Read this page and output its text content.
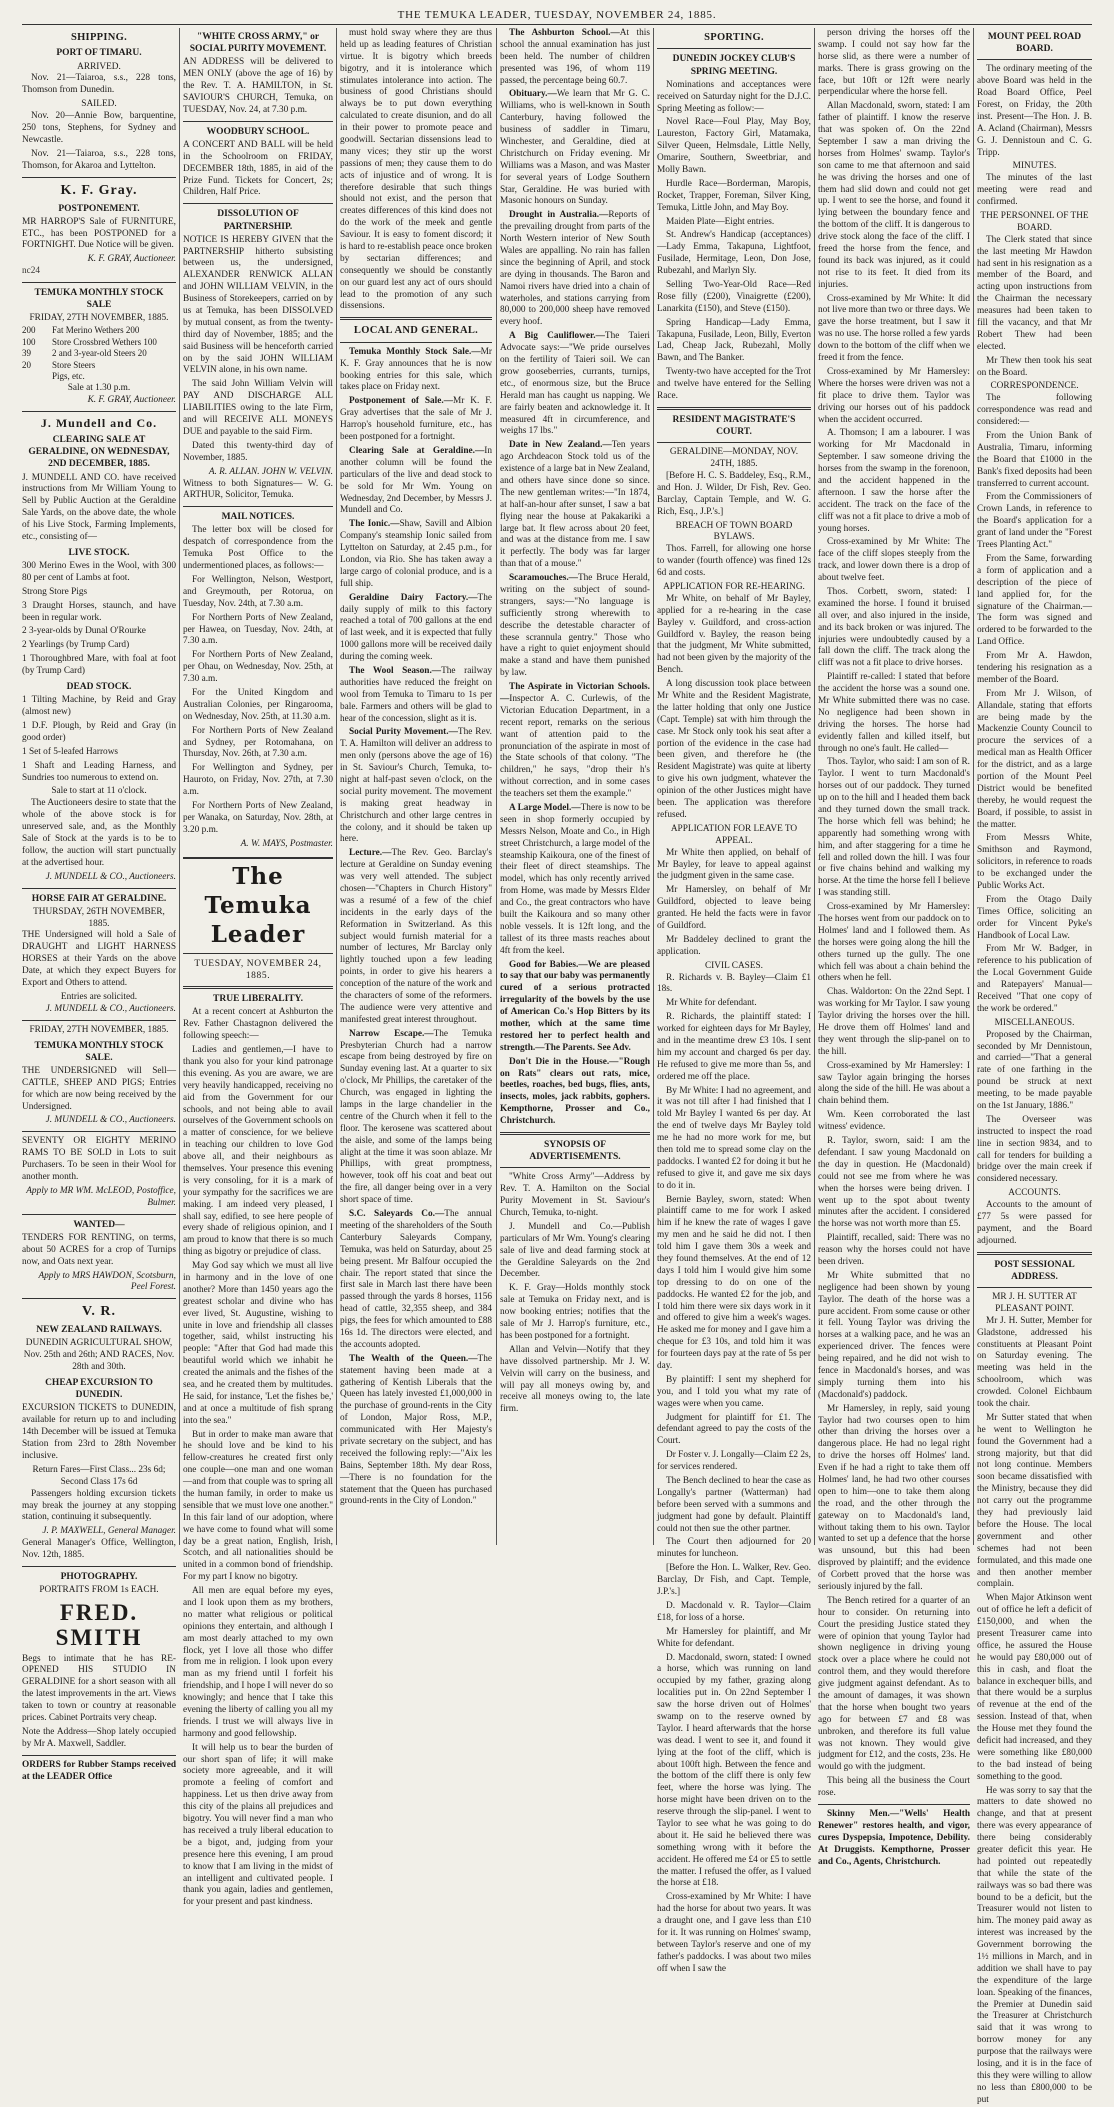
THE TEMUKA LEADER, TUESDAY, NOVEMBER 24, 1885.
SHIPPING.
PORT OF TIMARU.
ARRIVED.

Nov. 21—Taiaroa, s.s., 228 tons, Thomson from Dunedin.

SAILED.

Nov. 20—Annie Bow, barquentine, 250 tons, Stephens, for Sydney and Newcastle.

Nov. 21—Taiaroa, s.s., 228 tons, Thomson, for Akaroa and Lyttelton.

K. F. Gray.
POSTPONEMENT.
MR HARROP'S Sale of FURNITURE, ETC., has been POSTPONED for a FORTNIGHT. Due Notice will be given.
K. F. GRAY, Auctioneer.
nc24
TEMUKA MONTHLY STOCK SALE
FRIDAY, 27TH NOVEMBER, 1885.
200	Fat Merino Wethers 200
100	Store Crossbred Wethers 100
39	2 and 3-year-old Steers 20
20	Store Steers
Pigs, etc.
Sale at 1.30 p.m.
K. F. GRAY, Auctioneer.
J. Mundell and Co.
CLEARING SALE AT GERALDINE, ON WEDNESDAY, 2ND DECEMBER, 1885.
J. MUNDELL AND CO. have received instructions from Mr William Young to Sell by Public Auction at the Geraldine Sale Yards, on the above date, the whole of his Live Stock, Farming Implements, etc., consisting of—
LIVE STOCK.
300 Merino Ewes in the Wool, with 300 80 per cent of Lambs at foot.
Strong Store Pigs
3 Draught Horses, staunch, and have been in regular work.
2 3-year-olds by Dunal O'Rourke
2 Yearlings (by Trump Card)
1 Thoroughbred Mare, with foal at foot (by Trump Card)
DEAD STOCK.
1 Tilting Machine, by Reid and Gray (almost new)
1 D.F. Plough, by Reid and Gray (in good order)
1 Set of 5-leafed Harrows
1 Shaft and Leading Harness, and Sundries too numerous to extend on.
Sale to start at 11 o'clock.

The Auctioneers desire to state that the whole of the above stock is for unreserved sale, and, as the Monthly Sale of Stock at the yards is to be to follow, the auction will start punctually at the advertised hour.

J. MUNDELL & CO., Auctioneers.
HORSE FAIR AT GERALDINE.
THURSDAY, 26TH NOVEMBER, 1885.
THE Undersigned will hold a Sale of DRAUGHT and LIGHT HARNESS HORSES at their Yards on the above Date, at which they expect Buyers for Export and Others to attend.
Entries are solicited.
J. MUNDELL & CO., Auctioneers.
FRIDAY, 27TH NOVEMBER, 1885.
TEMUKA MONTHLY STOCK SALE.
THE UNDERSIGNED will Sell—CATTLE, SHEEP AND PIGS; Entries for which are now being received by the Undersigned.
J. MUNDELL & CO., Auctioneers.
SEVENTY OR EIGHTY MERINO RAMS TO BE SOLD in Lots to suit Purchasers. To be seen in their Wool for another month.
Apply to MR WM. McLEOD, Postoffice, Bulmer.
WANTED—
TENDERS FOR RENTING, on terms, about 50 ACRES for a crop of Turnips now, and Oats next year.
Apply to MRS HAWDON, Scotsburn, Peel Forest.
V. R.
NEW ZEALAND RAILWAYS.
DUNEDIN AGRICULTURAL SHOW, Nov. 25th and 26th; AND RACES, Nov. 28th and 30th.
CHEAP EXCURSION TO DUNEDIN.
EXCURSION TICKETS to DUNEDIN, available for return up to and including 14th December will be issued at Temuka Station from 23rd to 28th November inclusive.
Return Fares—First Class... 23s 6d; Second Class 17s 6d

Passengers holding excursion tickets may break the journey at any stopping station, continuing it subsequently.

J. P. MAXWELL, General Manager.
General Manager's Office, Wellington, Nov. 12th, 1885.
PHOTOGRAPHY.
PORTRAITS FROM 1s EACH.
FRED. SMITH
Begs to intimate that he has RE-OPENED HIS STUDIO IN GERALDINE for a short season with all the latest improvements in the art. Views taken to town or country at reasonable prices. Cabinet Portraits very cheap.
Note the Address—Shop lately occupied by Mr A. Maxwell, Saddler.
ORDERS for Rubber Stamps received at the LEADER Office
"WHITE CROSS ARMY," or SOCIAL PURITY MOVEMENT.
AN ADDRESS will be delivered to MEN ONLY (above the age of 16) by the Rev. T. A. HAMILTON, in St. SAVIOUR'S CHURCH, Temuka, on TUESDAY, Nov. 24, at 7.30 p.m.
WOODBURY SCHOOL.
A CONCERT AND BALL will be held in the Schoolroom on FRIDAY, DECEMBER 18th, 1885, in aid of the Prize Fund. Tickets for Concert, 2s; Children, Half Price.
DISSOLUTION OF PARTNERSHIP.
NOTICE IS HEREBY GIVEN that the PARTNERSHIP hitherto subsisting between us, the undersigned, ALEXANDER RENWICK ALLAN and JOHN WILLIAM VELVIN, in the Business of Storekeepers, carried on by us at Temuka, has been DISSOLVED by mutual consent, as from the twenty-third day of November, 1885; and the said Business will be henceforth carried on by the said JOHN WILLIAM VELVIN alone, in his own name.

The said John William Velvin will PAY AND DISCHARGE ALL LIABILITIES owing to the late Firm, and will RECEIVE ALL MONEYS DUE and payable to the said Firm.

Dated this twenty-third day of November, 1885.

A. R. ALLAN. JOHN W. VELVIN.
Witness to both Signatures— W. G. ARTHUR, Solicitor, Temuka.
MAIL NOTICES.

The letter box will be closed for despatch of correspondence from the Temuka Post Office to the undermentioned places, as follows:—

For Wellington, Nelson, Westport, and Greymouth, per Rotorua, on Tuesday, Nov. 24th, at 7.30 a.m.

For Northern Ports of New Zealand, per Hawea, on Tuesday, Nov. 24th, at 7.30 a.m.

For Northern Ports of New Zealand, per Ohau, on Wednesday, Nov. 25th, at 7.30 a.m.

For the United Kingdom and Australian Colonies, per Ringarooma, on Wednesday, Nov. 25th, at 11.30 a.m.

For Northern Ports of New Zealand and Sydney, per Rotomahana, on Thursday, Nov. 26th, at 7.30 a.m.

For Wellington and Sydney, per Hauroto, on Friday, Nov. 27th, at 7.30 a.m.

For Northern Ports of New Zealand, per Wanaka, on Saturday, Nov. 28th, at 3.20 p.m.

A. W. MAYS, Postmaster.
The Temuka Leader
TUESDAY, NOVEMBER 24, 1885.
TRUE LIBERALITY.

At a recent concert at Ashburton the Rev. Father Chastagnon delivered the following speech:—

Ladies and gentlemen,—I have to thank you also for your kind patronage this evening. As you are aware, we are very heavily handicapped, receiving no aid from the Government for our schools, and not being able to avail ourselves of the Government schools on a matter of conscience, for we believe in teaching our children to love God above all, and their neighbours as themselves. Your presence this evening is very consoling, for it is a mark of your sympathy for the sacrifices we are making. I am indeed very pleased, I shall say, edified, to see here people of every shade of religious opinion, and I am proud to know that there is so much thing as bigotry or prejudice of class.

May God say which we must all live in harmony and in the love of one another? More than 1450 years ago the greatest scholar and divine who has ever lived, St. Augustine, wishing to unite in love and friendship all classes together, said, whilst instructing his people: "After that God had made this beautiful world which we inhabit he created the animals and the fishes of the sea, and he created them by multitudes. He said, for instance, 'Let the fishes be,' and at once a multitude of fish sprang into the sea."

But in order to make man aware that he should love and be kind to his fellow-creatures he created first only one couple—one man and one woman—and from that couple was to spring all the human family, in order to make us sensible that we must love one another." In this fair land of our adoption, where we have come to found what will some day be a great nation, English, Irish, Scotch, and all nationalities should be united in a common bond of friendship. For my part I know no bigotry.

All men are equal before my eyes, and I look upon them as my brothers, no matter what religious or political opinions they entertain, and although I am most dearly attached to my own flock, yet I love all those who differ from me in religion. I look upon every man as my friend until I forfeit his friendship, and I hope I will never do so knowingly; and hence that I take this evening the liberty of calling you all my friends. I trust we will always live in harmony and good fellowship.

It will help us to bear the burden of our short span of life; it will make society more agreeable, and it will promote a feeling of comfort and happiness. Let us then drive away from this city of the plains all prejudices and bigotry. You will never find a man who has received a truly liberal education to be a bigot, and, judging from your presence here this evening, I am proud to know that I am living in the midst of an intelligent and cultivated people. I thank you again, ladies and gentlemen, for your present and past kindness.

must hold sway where they are thus held up as leading features of Christian virtue. It is bigotry which breeds bigotry, and it is intolerance which stimulates intolerance into action. The business of good Christians should always be to put down everything calculated to create disunion, and do all in their power to promote peace and goodwill. Sectarian dissensions lead to many vices; they stir up the worst passions of men; they cause them to do acts of injustice and of wrong. It is therefore desirable that such things should not exist, and the person that creates differences of this kind does not do the work of the meek and gentle Saviour. It is easy to foment discord; it is hard to re-establish peace once broken by sectarian differences; and consequently we should be constantly on our guard lest any act of ours should lead to the promotion of any such dissensions.

LOCAL AND GENERAL.

Temuka Monthly Stock Sale.—Mr K. F. Gray announces that he is now booking entries for this sale, which takes place on Friday next.

Postponement of Sale.—Mr K. F. Gray advertises that the sale of Mr J. Harrop's household furniture, etc., has been postponed for a fortnight.

Clearing Sale at Geraldine.—In another column will be found the particulars of the live and dead stock to be sold for Mr Wm. Young on Wednesday, 2nd December, by Messrs J. Mundell and Co.

The Ionic.—Shaw, Savill and Albion Company's steamship Ionic sailed from Lyttelton on Saturday, at 2.45 p.m., for London, via Rio. She has taken away a large cargo of colonial produce, and is a full ship.

Geraldine Dairy Factory.—The daily supply of milk to this factory reached a total of 700 gallons at the end of last week, and it is expected that fully 1000 gallons more will be received daily during the coming week.

The Wool Season.—The railway authorities have reduced the freight on wool from Temuka to Timaru to 1s per bale. Farmers and others will be glad to hear of the concession, slight as it is.

Social Purity Movement.—The Rev. T. A. Hamilton will deliver an address to men only (persons above the age of 16) in St. Saviour's Church, Temuka, to-night at half-past seven o'clock, on the social purity movement. The movement is making great headway in Christchurch and other large centres in the colony, and it should be taken up here.

Lecture.—The Rev. Geo. Barclay's lecture at Geraldine on Sunday evening was very well attended. The subject chosen—"Chapters in Church History" was a resumé of a few of the chief incidents in the early days of the Reformation in Switzerland. As this subject would furnish material for a number of lectures, Mr Barclay only lightly touched upon a few leading points, in order to give his hearers a conception of the nature of the work and the characters of some of the reformers. The audience were very attentive and manifested great interest throughout.

Narrow Escape.—The Temuka Presbyterian Church had a narrow escape from being destroyed by fire on Sunday evening last. At a quarter to six o'clock, Mr Phillips, the caretaker of the Church, was engaged in lighting the lamps in the large chandelier in the centre of the Church when it fell to the floor. The kerosene was scattered about the aisle, and some of the lamps being alight at the time it was soon ablaze. Mr Phillips, with great promptness, however, took off his coat and beat out the fire, all danger being over in a very short space of time.

S.C. Saleyards Co.—The annual meeting of the shareholders of the South Canterbury Saleyards Company, Temuka, was held on Saturday, about 25 being present. Mr Balfour occupied the chair. The report stated that since the first sale in March last there have been passed through the yards 8 horses, 1156 head of cattle, 32,355 sheep, and 384 pigs, the fees for which amounted to £88 16s 1d. The directors were elected, and the accounts adopted.

The Wealth of the Queen.—The statement having been made at a gathering of Kentish Liberals that the Queen has lately invested £1,000,000 in the purchase of ground-rents in the City of London, Major Ross, M.P., communicated with Her Majesty's private secretary on the subject, and has received the following reply:—"Aix les Bains, September 18th. My dear Ross,—There is no foundation for the statement that the Queen has purchased ground-rents in the City of London."

The Ashburton School.—At this school the annual examination has just been held. The number of children presented was 196, of whom 119 passed, the percentage being 60.7.

Obituary.—We learn that Mr G. C. Williams, who is well-known in South Canterbury, having followed the business of saddler in Timaru, Winchester, and Geraldine, died at Christchurch on Friday evening. Mr Williams was a Mason, and was Master for several years of Lodge Southern Star, Geraldine. He was buried with Masonic honours on Sunday.

Drought in Australia.—Reports of the prevailing drought from parts of the North Western interior of New South Wales are appalling. No rain has fallen since the beginning of April, and stock are dying in thousands. The Baron and Namoi rivers have dried into a chain of waterholes, and stations carrying from 80,000 to 200,000 sheep have removed every hoof.

A Big Cauliflower.—The Taieri Advocate says:—"We pride ourselves on the fertility of Taieri soil. We can grow gooseberries, currants, turnips, etc., of enormous size, but the Bruce Herald man has caught us napping. We are fairly beaten and acknowledge it. It measured 4ft in circumference, and weighs 17 lbs."

Date in New Zealand.—Ten years ago Archdeacon Stock told us of the existence of a large bat in New Zealand, and others have since done so since. The new gentleman writes:—"In 1874, at half-an-hour after sunset, I saw a bat flying near the house at Pakakariki a large bat. It flew across about 20 feet, and was at the distance from me. I saw it perfectly. The body was far larger than that of a mouse."

Scaramouches.—The Bruce Herald, writing on the subject of sound-strangers, says:—"No language is sufficiently strong wherewith to describe the detestable character of these scrannula gentry." Those who have a right to quiet enjoyment should make a stand and have them punished by law.

The Aspirate in Victorian Schools.—Inspector A. C. Curlewis, of the Victorian Education Department, in a recent report, remarks on the serious want of attention paid to the pronunciation of the aspirate in most of the State schools of that colony. "The children," he says, "drop their h's without correction, and in some cases the teachers set them the example."

A Large Model.—There is now to be seen in shop formerly occupied by Messrs Nelson, Moate and Co., in High street Christchurch, a large model of the steamship Kaikoura, one of the finest of their fleet of direct steamships. The model, which has only recently arrived from Home, was made by Messrs Elder and Co., the great contractors who have built the Kaikoura and so many other noble vessels. It is 12ft long, and the tallest of its three masts reaches about 4ft from the keel.

Good for Babies.—We are pleased to say that our baby was permanently cured of a serious protracted irregularity of the bowels by the use of American Co.'s Hop Bitters by its mother, which at the same time restored her to perfect health and strength.—The Parents. See Adv.

Don't Die in the House.—"Rough on Rats" clears out rats, mice, beetles, roaches, bed bugs, flies, ants, insects, moles, jack rabbits, gophers. Kempthorne, Prosser and Co., Christchurch.

SYNOPSIS OF ADVERTISEMENTS.

"White Cross Army"—Address by Rev. T. A. Hamilton on the Social Purity Movement in St. Saviour's Church, Temuka, to-night.

J. Mundell and Co.—Publish particulars of Mr Wm. Young's clearing sale of live and dead farming stock at the Geraldine Saleyards on the 2nd December.

K. F. Gray—Holds monthly stock sale at Temuka on Friday next, and is now booking entries; notifies that the sale of Mr J. Harrop's furniture, etc., has been postponed for a fortnight.

Allan and Velvin—Notify that they have dissolved partnership. Mr J. W. Velvin will carry on the business, and will pay all moneys owing by, and receive all moneys owing to, the late firm.

SPORTING.
DUNEDIN JOCKEY CLUB'S SPRING MEETING.

Nominations and acceptances were received on Saturday night for the D.J.C. Spring Meeting as follow:—

Novel Race—Foul Play, May Boy, Laureston, Factory Girl, Matamaka, Silver Queen, Helmsdale, Little Nelly, Omarire, Southern, Sweetbriar, and Molly Bawn.

Hurdle Race—Borderman, Maropis, Rocket, Trapper, Foreman, Silver King, Temuka, Little John, and May Boy.

Maiden Plate—Eight entries.

St. Andrew's Handicap (acceptances)—Lady Emma, Takapuna, Lightfoot, Fusilade, Hermitage, Leon, Don Jose, Rubezahl, and Marlyn Sly.

Selling Two-Year-Old Race—Red Rose filly (£200), Vinaigrette (£200), Lanarkita (£150), and Steve (£150).

Spring Handicap—Lady Emma, Takapuna, Fusilade, Leon, Billy, Everton Lad, Cheap Jack, Rubezahl, Molly Bawn, and The Banker.

Twenty-two have accepted for the Trot and twelve have entered for the Selling Race.

RESIDENT MAGISTRATE'S COURT.
GERALDINE—MONDAY, NOV. 24TH, 1885.

[Before H. C. S. Baddeley, Esq., R.M., and Hon. J. Wilder, Dr Fish, Rev. Geo. Barclay, Captain Temple, and W. G. Rich, Esq., J.P.'s.]

BREACH OF TOWN BOARD BYLAWS.

Thos. Farrell, for allowing one horse to wander (fourth offence) was fined 12s 6d and costs.

APPLICATION FOR RE-HEARING.

Mr White, on behalf of Mr Bayley, applied for a re-hearing in the case Bayley v. Guildford, and cross-action Guildford v. Bayley, the reason being that the judgment, Mr White submitted, had not been given by the majority of the Bench.

A long discussion took place between Mr White and the Resident Magistrate, the latter holding that only one Justice (Capt. Temple) sat with him through the case. Mr Stock only took his seat after a portion of the evidence in the case had been given, and therefore he (the Resident Magistrate) was quite at liberty to give his own judgment, whatever the opinion of the other Justices might have been. The application was therefore refused.

APPLICATION FOR LEAVE TO APPEAL.

Mr White then applied, on behalf of Mr Bayley, for leave to appeal against the judgment given in the same case.

Mr Hamersley, on behalf of Mr Guildford, objected to leave being granted. He held the facts were in favor of Guildford.

Mr Baddeley declined to grant the application.

CIVIL CASES.

R. Richards v. B. Bayley—Claim £1 18s.

Mr White for defendant.

R. Richards, the plaintiff stated: I worked for eighteen days for Mr Bayley, and in the meantime drew £3 10s. I sent him my account and charged 6s per day. He refused to give me more than 5s, and ordered me off the place.

By Mr White: I had no agreement, and it was not till after I had finished that I told Mr Bayley I wanted 6s per day. At the end of twelve days Mr Bayley told me he had no more work for me, but then told me to spread some clay on the paddocks. I wanted £2 for doing it but he refused to give it, and gave me six days to do it in.

Bernie Bayley, sworn, stated: When plaintiff came to me for work I asked him if he knew the rate of wages I gave my men and he said he did not. I then told him I gave them 30s a week and they found themselves. At the end of 12 days I told him I would give him some top dressing to do on one of the paddocks. He wanted £2 for the job, and I told him there were six days work in it and offered to give him a week's wages. He asked me for money and I gave him a cheque for £3 10s, and told him it was for fourteen days pay at the rate of 5s per day.

By plaintiff: I sent my shepherd for you, and I told you what my rate of wages were when you came.

Judgment for plaintiff for £1. The defendant agreed to pay the costs of the Court.

Dr Foster v. J. Longally—Claim £2 2s, for services rendered.

The Bench declined to hear the case as Longally's partner (Watterman) had before been served with a summons and judgment had gone by default. Plaintiff could not then sue the other partner.

The Court then adjourned for 20 minutes for luncheon.

[Before the Hon. L. Walker, Rev. Geo. Barclay, Dr Fish, and Capt. Temple, J.P.'s.]

D. Macdonald v. R. Taylor—Claim £18, for loss of a horse.

Mr Hamersley for plaintiff, and Mr White for defendant.

D. Macdonald, sworn, stated: I owned a horse, which was running on land occupied by my father, grazing along localities put in. On 22nd September I saw the horse driven out of Holmes' swamp on to the reserve owned by Taylor. I heard afterwards that the horse was dead. I went to see it, and found it lying at the foot of the cliff, which is about 100ft high. Between the fence and the bottom of the cliff there is only few feet, where the horse was lying. The horse might have been driven on to the reserve through the slip-panel. I went to Taylor to see what he was going to do about it. He said he believed there was something wrong with it before the accident. He offered me £4 or £5 to settle the matter. I refused the offer, as I valued the horse at £18.

Cross-examined by Mr White: I have had the horse for about two years. It was a draught one, and I gave less than £10 for it. It was running on Holmes' swamp, between Taylor's reserve and one of my father's paddocks. I was about two miles off when I saw the

person driving the horses off the swamp. I could not say how far the horse slid, as there were a number of marks. There is grass growing on the face, but 10ft or 12ft were nearly perpendicular where the horse fell.

Allan Macdonald, sworn, stated: I am father of plaintiff. I know the reserve that was spoken of. On the 22nd September I saw a man driving the horses from Holmes' swamp. Taylor's son came to me that afternoon and said he was driving the horses and one of them had slid down and could not get up. I went to see the horse, and found it lying between the boundary fence and the bottom of the cliff. It is dangerous to drive stock along the face of the cliff. I freed the horse from the fence, and found its back was injured, as it could not rise to its feet. It died from its injuries.

Cross-examined by Mr White: It did not live more than two or three days. We gave the horse treatment, but I saw it was no use. The horse rolled a few yards down to the bottom of the cliff when we freed it from the fence.

Cross-examined by Mr Hamersley: Where the horses were driven was not a fit place to drive them. Taylor was driving our horses out of his paddock when the accident occurred.

A. Thomson; I am a labourer. I was working for Mr Macdonald in September. I saw someone driving the horses from the swamp in the forenoon, and the accident happened in the afternoon. I saw the horse after the accident. The track on the face of the cliff was not a fit place to drive a mob of young horses.

Cross-examined by Mr White: The face of the cliff slopes steeply from the track, and lower down there is a drop of about twelve feet.

Thos. Corbett, sworn, stated: I examined the horse. I found it bruised all over, and also injured in the inside, and its back broken or was injured. The injuries were undoubtedly caused by a fall down the cliff. The track along the cliff was not a fit place to drive horses.

Plaintiff re-called: I stated that before the accident the horse was a sound one. Mr White submitted there was no case. No negligence had been shown in driving the horses. The horse had evidently fallen and killed itself, but through no one's fault. He called—

Thos. Taylor, who said: I am son of R. Taylor. I went to turn Macdonald's horses out of our paddock. They turned up on to the hill and I headed them back and they turned down the small track. The horse which fell was behind; he apparently had something wrong with him, and after staggering for a time he fell and rolled down the hill. I was four or five chains behind and walking my horse. At the time the horse fell I believe I was standing still.

Cross-examined by Mr Hamersley: The horses went from our paddock on to Holmes' land and I followed them. As the horses were going along the hill the others turned up the gully. The one which fell was about a chain behind the others when he fell.

Chas. Waldorton: On the 22nd Sept. I was working for Mr Taylor. I saw young Taylor driving the horses over the hill. He drove them off Holmes' land and they went through the slip-panel on to the hill.

Cross-examined by Mr Hamersley: I saw Taylor again bringing the horses along the side of the hill. He was about a chain behind them.

Wm. Keen corroborated the last witness' evidence.

R. Taylor, sworn, said: I am the defendant. I saw young Macdonald on the day in question. He (Macdonald) could not see me from where he was when the horses were being driven. I went up to the spot about twenty minutes after the accident. I considered the horse was not worth more than £5.

Plaintiff, recalled, said: There was no reason why the horses could not have been driven.

Mr White submitted that no negligence had been shown by young Taylor. The death of the horse was a pure accident. From some cause or other it fell. Young Taylor was driving the horses at a walking pace, and he was an experienced driver. The fences were being repaired, and he did not wish to fence in Macdonald's horses, and was simply turning them into his (Macdonald's) paddock.

Mr Hamersley, in reply, said young Taylor had two courses open to him other than driving the horses over a dangerous place. He had no legal right to drive the horses off Holmes' land. Even if he had a right to take them off Holmes' land, he had two other courses open to him—one to take them along the road, and the other through the gateway on to Macdonald's land, without taking them to his own. Taylor wanted to set up a defence that the horse was unsound, but this had been disproved by plaintiff; and the evidence of Corbett proved that the horse was seriously injured by the fall.

The Bench retired for a quarter of an hour to consider. On returning into Court the presiding Justice stated they were of opinion that young Taylor had shown negligence in driving young stock over a place where he could not control them, and they would therefore give judgment against defendant. As to the amount of damages, it was shown that the horse when bought two years ago for between £7 and £8 was unbroken, and therefore its full value was not known. They would give judgment for £12, and the costs, 23s. He would go with the judgment.

This being all the business the Court rose.

Skinny Men.—"Wells' Health Renewer" restores health, and vigor, cures Dyspepsia, Impotence, Debility. At Druggists. Kempthorne, Prosser and Co., Agents, Christchurch.

MOUNT PEEL ROAD BOARD.

The ordinary meeting of the above Board was held in the Road Board Office, Peel Forest, on Friday, the 20th inst. Present—The Hon. J. B. A. Acland (Chairman), Messrs G. J. Dennistoun and C. G. Tripp.

MINUTES.

The minutes of the last meeting were read and confirmed.

THE PERSONNEL OF THE BOARD.

The Clerk stated that since the last meeting Mr Hawdon had sent in his resignation as a member of the Board, and acting upon instructions from the Chairman the necessary measures had been taken to fill the vacancy, and that Mr Robert Thew had been elected.

Mr Thew then took his seat on the Board.

CORRESPONDENCE.

The following correspondence was read and considered:—

From the Union Bank of Australia, Timaru, informing the Board that £1000 in the Bank's fixed deposits had been transferred to current account.

From the Commissioners of Crown Lands, in reference to the Board's application for a grant of land under the "Forest Trees Planting Act."

From the Same, forwarding a form of application and a description of the piece of land applied for, for the signature of the Chairman.—The form was signed and ordered to be forwarded to the Land Office.

From Mr A. Hawdon, tendering his resignation as a member of the Board.

From Mr J. Wilson, of Allandale, stating that efforts are being made by the Mackenzie County Council to procure the services of a medical man as Health Officer for the district, and as a large portion of the Mount Peel District would be benefited thereby, he would request the Board, if possible, to assist in the matter.

From Messrs White, Smithson and Raymond, solicitors, in reference to roads to be exchanged under the Public Works Act.

From the Otago Daily Times Office, soliciting an order for Vincent Pyke's Handbook of Local Law.

From Mr W. Badger, in reference to his publication of the Local Government Guide and Ratepayers' Manual—Received "That one copy of the work be ordered."

MISCELLANEOUS.

Proposed by the Chairman, seconded by Mr Dennistoun, and carried—"That a general rate of one farthing in the pound be struck at next meeting, to be made payable on the 1st January, 1886."

The Overseer was instructed to inspect the road line in section 9834, and to call for tenders for building a bridge over the main creek if considered necessary.

ACCOUNTS.

Accounts to the amount of £77 5s were passed for payment, and the Board adjourned.

POST SESSIONAL ADDRESS.
MR J. H. SUTTER AT PLEASANT POINT.

Mr J. H. Sutter, Member for Gladstone, addressed his constituents at Pleasant Point on Saturday evening. The meeting was held in the schoolroom, which was crowded. Colonel Eichbaum took the chair.

Mr Sutter stated that when he went to Wellington he found the Government had a strong majority, but that did not long continue. Members soon became dissatisfied with the Ministry, because they did not carry out the programme they had previously laid before the House. The local government and other schemes had not been formulated, and this made one and then another member complain.

When Major Atkinson went out of office he left a deficit of £150,000, and when the present Treasurer came into office, he assured the House he would pay £80,000 out of this in cash, and float the balance in exchequer bills, and that there would be a surplus of revenue at the end of the session. Instead of that, when the House met they found the deficit had increased, and they were something like £80,000 to the bad instead of being something to the good.

He was sorry to say that the matters to date showed no change, and that at present there was every appearance of there being considerably greater deficit this year. He had pointed out repeatedly that while the state of the railways was so bad there was bound to be a deficit, but the Treasurer would not listen to him. The money paid away as interest was increased by the Government borrowing the 1½ millions in March, and in addition we shall have to pay the expenditure of the large loan. Speaking of the finances, the Premier at Dunedin said the Treasurer at Christchurch said that it was wrong to borrow money for any purpose that the railways were losing, and it is in the face of this they were willing to allow no less than £800,000 to be put
